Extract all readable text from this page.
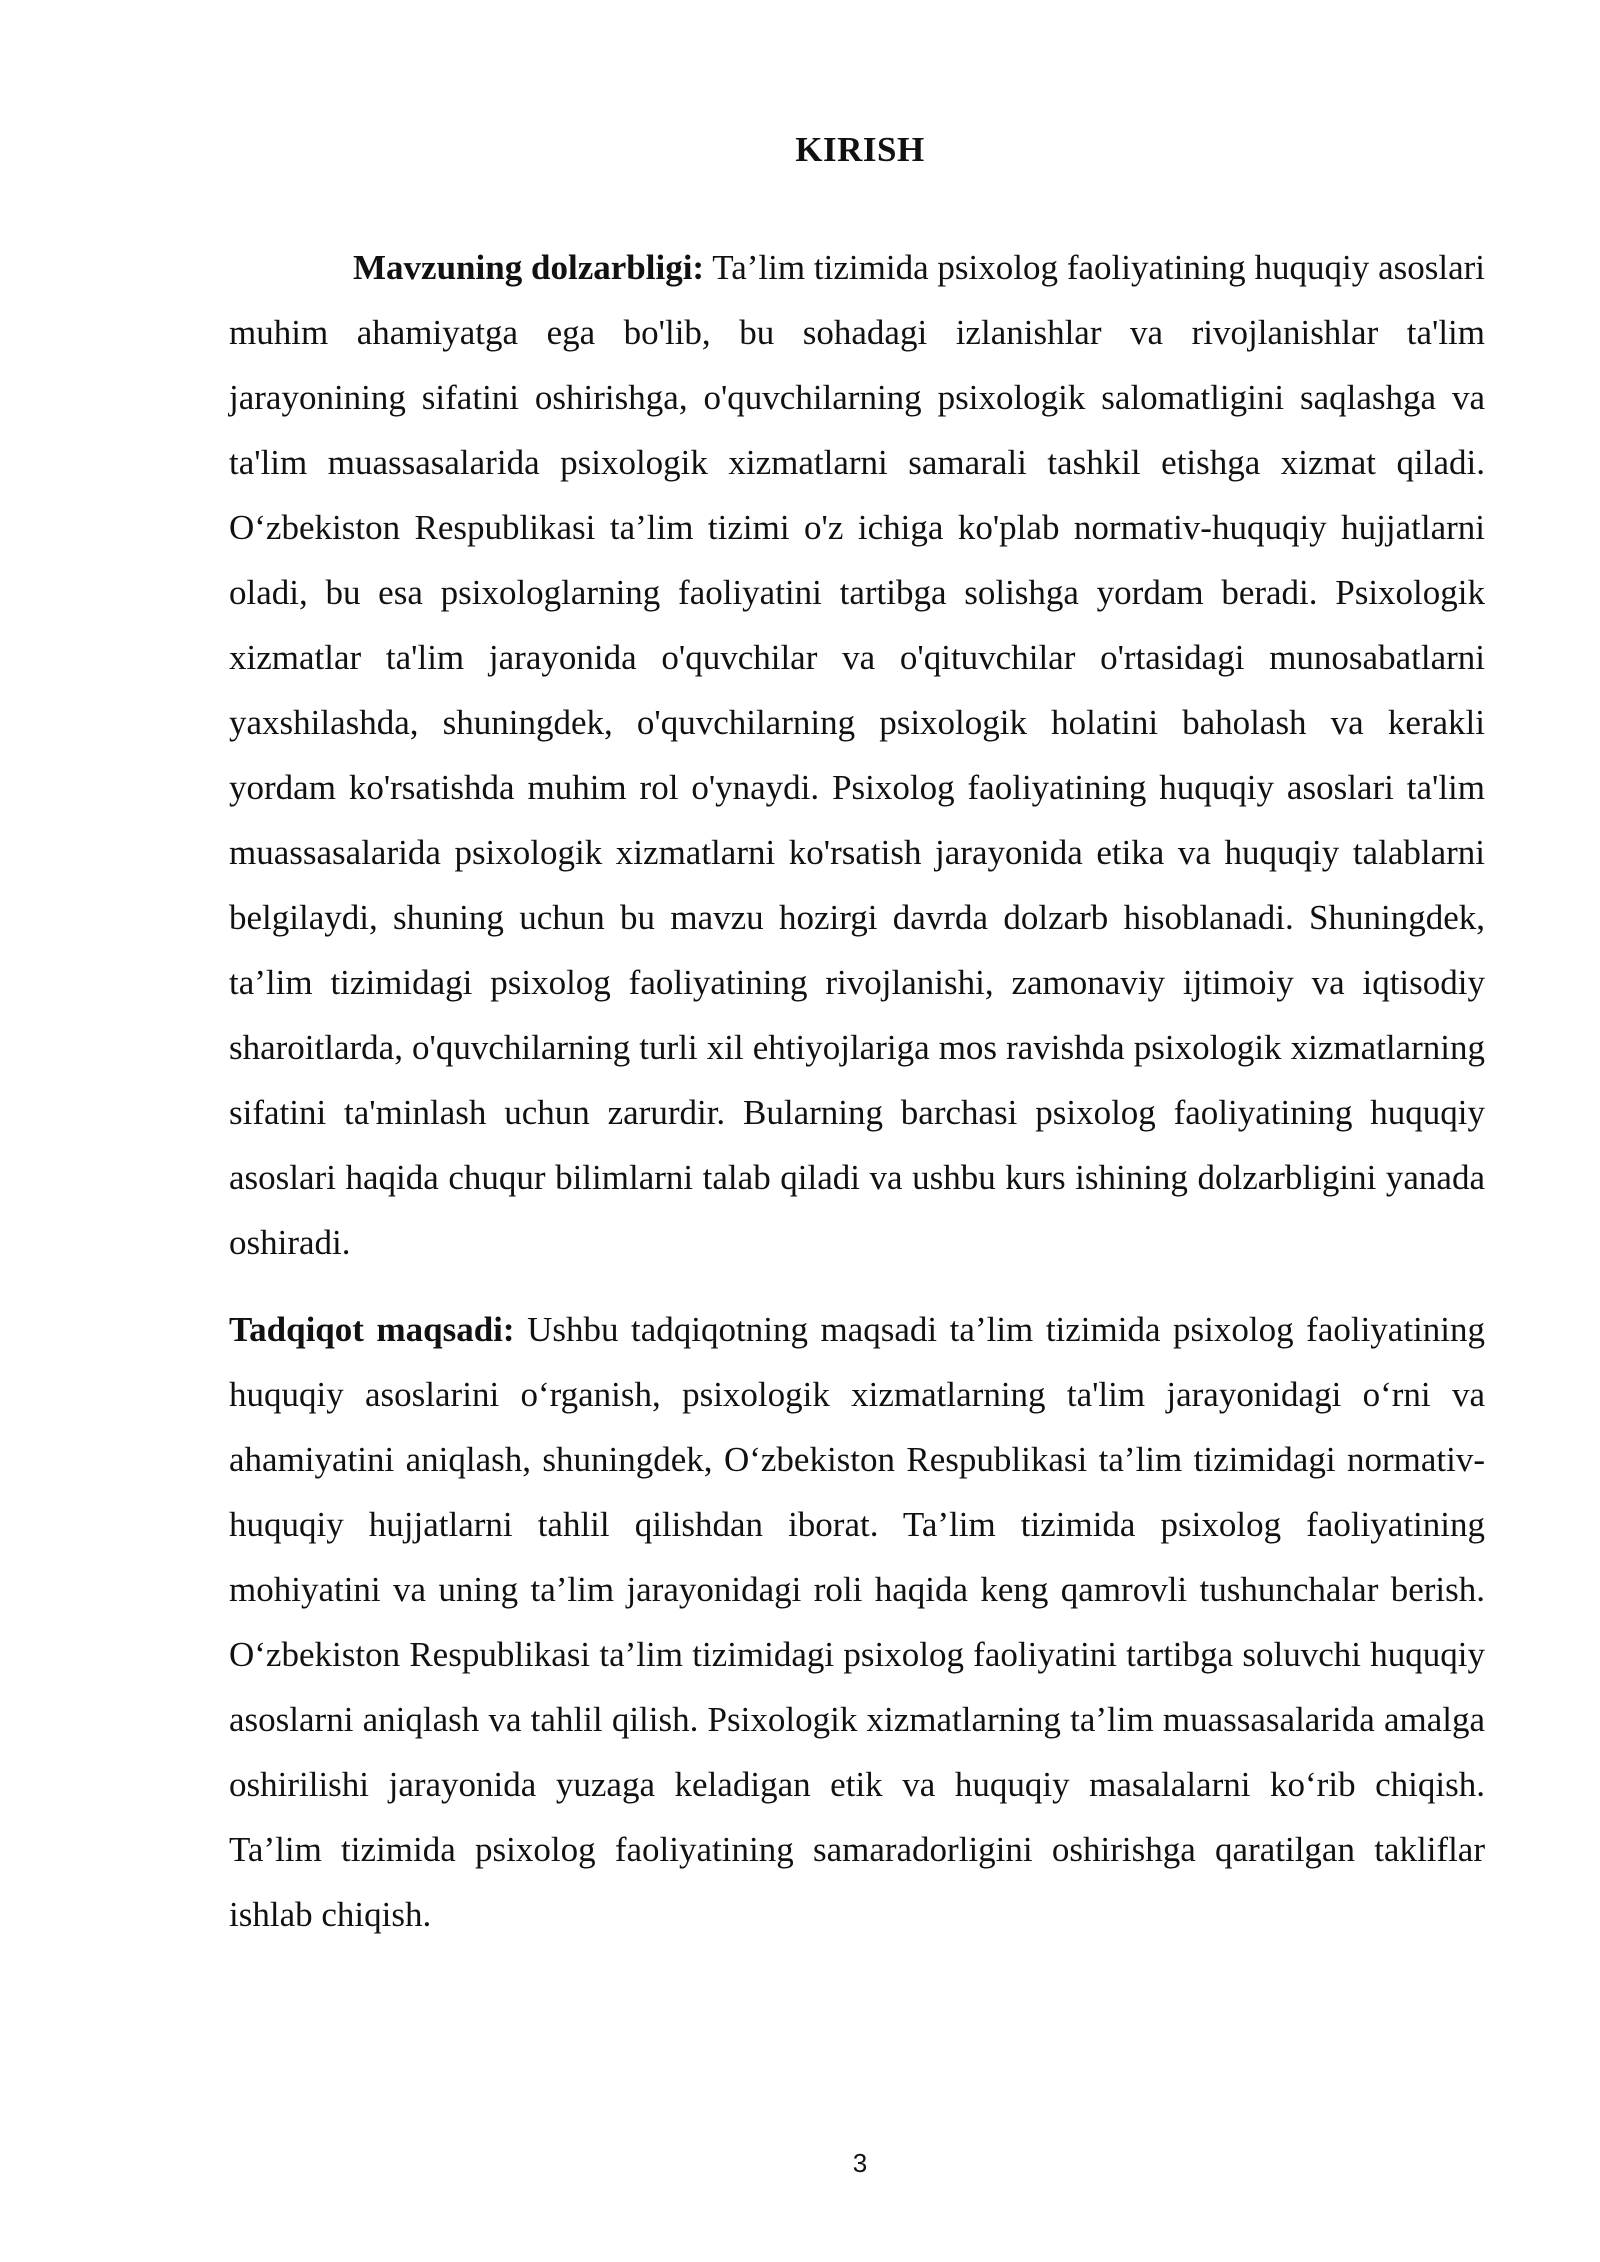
KIRISH

Mavzuning dolzarbligi: Ta’lim tizimida psixolog faoliyatining huquqiy asoslari muhim ahamiyatga ega bo'lib, bu sohadagi izlanishlar va rivojlanishlar ta'lim jarayonining sifatini oshirishga, o'quvchilarning psixologik salomatligini saqlashga va ta'lim muassasalarida psixologik xizmatlarni samarali tashkil etishga xizmat qiladi. O‘zbekiston Respublikasi ta’lim tizimi o'z ichiga ko'plab normativ-huquqiy hujjatlarni oladi, bu esa psixologlarning faoliyatini tartibga solishga yordam beradi. Psixologik xizmatlar ta'lim jarayonida o'quvchilar va o'qituvchilar o'rtasidagi munosabatlarni yaxshilashda, shuningdek, o'quvchilarning psixologik holatini baholash va kerakli yordam ko'rsatishda muhim rol o'ynaydi. Psixolog faoliyatining huquqiy asoslari ta'lim muassasalarida psixologik xizmatlarni ko'rsatish jarayonida etika va huquqiy talablarni belgilaydi, shuning uchun bu mavzu hozirgi davrda dolzarb hisoblanadi. Shuningdek, ta’lim tizimidagi psixolog faoliyatining rivojlanishi, zamonaviy ijtimoiy va iqtisodiy sharoitlarda, o'quvchilarning turli xil ehtiyojlariga mos ravishda psixologik xizmatlarning sifatini ta'minlash uchun zarurdir. Bularning barchasi psixolog faoliyatining huquqiy asoslari haqida chuqur bilimlarni talab qiladi va ushbu kurs ishining dolzarbligini yanada oshiradi.

Tadqiqot maqsadi: Ushbu tadqiqotning maqsadi ta’lim tizimida psixolog faoliyatining huquqiy asoslarini o‘rganish, psixologik xizmatlarning ta'lim jarayonidagi o‘rni va ahamiyatini aniqlash, shuningdek, O‘zbekiston Respublikasi ta’lim tizimidagi normativ-huquqiy hujjatlarni tahlil qilishdan iborat. Ta’lim tizimida psixolog faoliyatining mohiyatini va uning ta’lim jarayonidagi roli haqida keng qamrovli tushunchalar berish. O‘zbekiston Respublikasi ta’lim tizimidagi psixolog faoliyatini tartibga soluvchi huquqiy asoslarni aniqlash va tahlil qilish. Psixologik xizmatlarning ta’lim muassasalarida amalga oshirilishi jarayonida yuzaga keladigan etik va huquqiy masalalarni ko‘rib chiqish. Ta’lim tizimida psixolog faoliyatining samaradorligini oshirishga qaratilgan takliflar ishlab chiqish.

3
